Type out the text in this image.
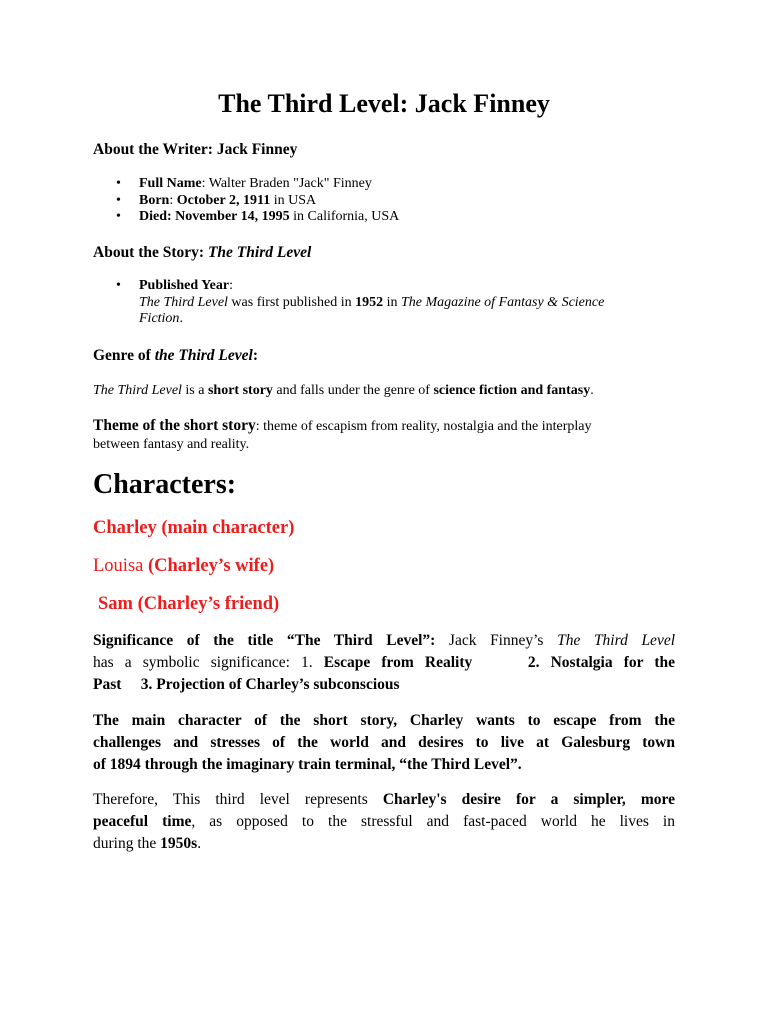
The Third Level: Jack Finney
About the Writer: Jack Finney
• Full Name: Walter Braden "Jack" Finney
• Born: October 2, 1911 in USA
• Died: November 14, 1995 in California, USA
About the Story: The Third Level
• Published Year:
The Third Level was first published in 1952 in The Magazine of Fantasy & Science
Fiction.
Genre of the Third Level:

The Third Level is a short story and falls under the genre of science fiction and fantasy.

Theme of the short story: theme of escapism from reality, nostalgia and the interplay

between fantasy and reality.

Characters:
Charley (main character)
Louisa (Charley’s wife)
Sam (Charley’s friend)
Significance of the title “The Third Level”: Jack Finney’s The Third Level
has a symbolic significance: 1. Escape from Reality	2. Nostalgia for the
Past     3. Projection of Charley’s subconscious
The main character of the short story, Charley wants to escape from the
challenges and stresses of the world and desires to live at Galesburg town
of 1894 through the imaginary train terminal, “the Third Level”.
Therefore, This third level represents Charley's desire for a simpler, more
peaceful time, as opposed to the stressful and fast-paced world he lives in
during the 1950s.
